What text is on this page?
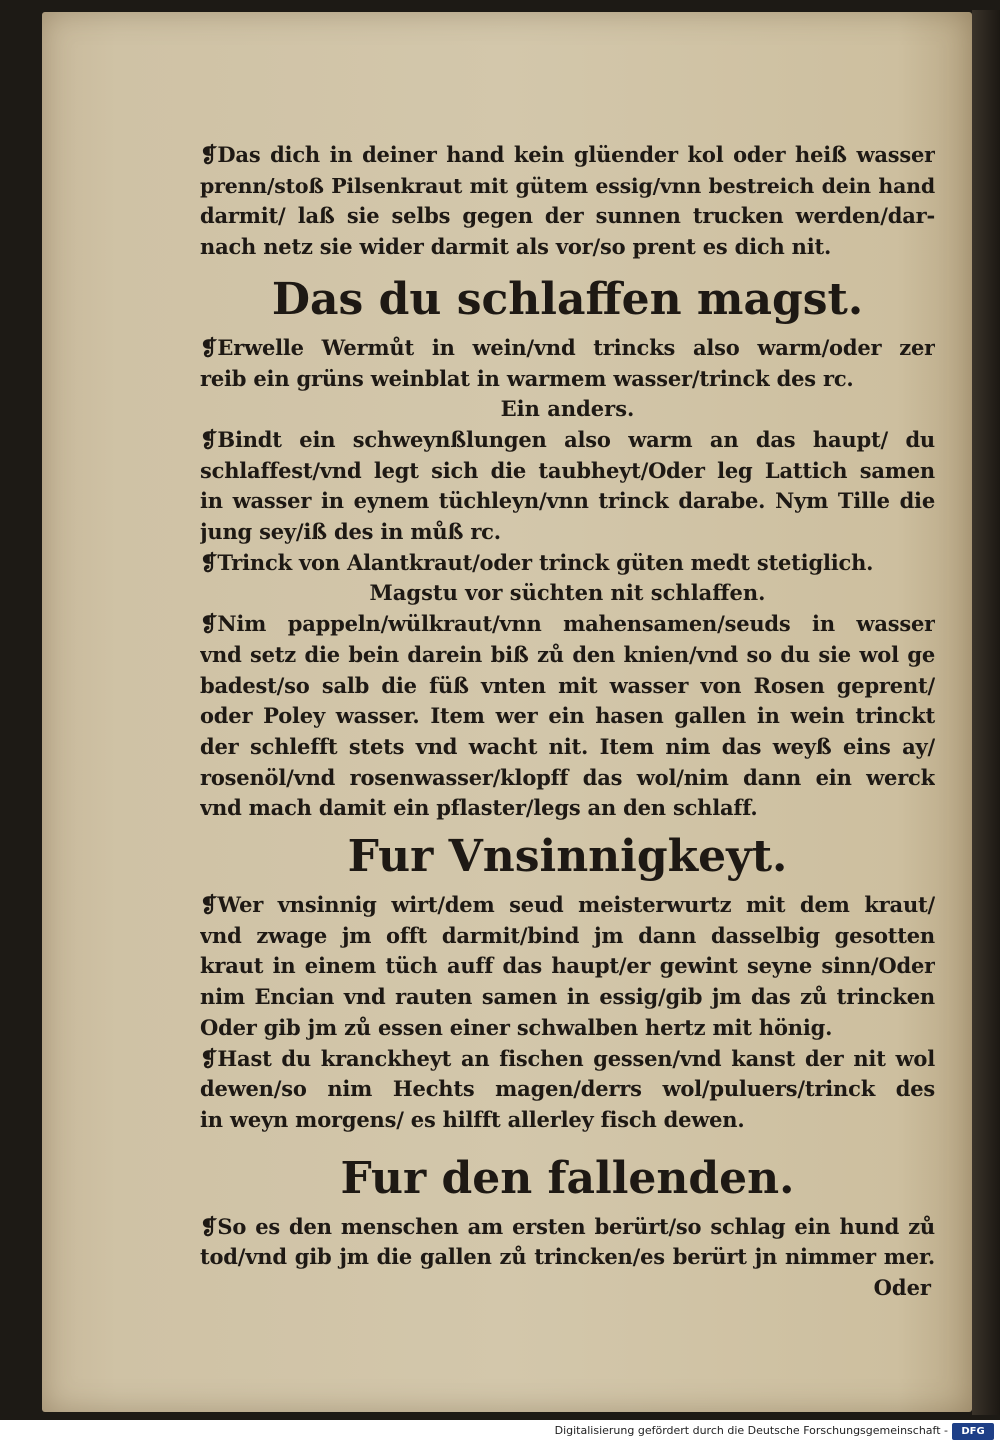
❡Das dich in deiner hand kein glüender kol oder heiß wasser
prenn/stoß Pilsenkraut mit gütem essig/vnn bestreich dein hand
darmit/ laß sie selbs gegen der sunnen trucken werden/dar-
nach netz sie wider darmit als vor/so prent es dich nit.
Das du schlaffen magst.
❡Erwelle Wermůt in wein/vnd trincks also warm/oder zer
reib ein grüns weinblat in warmem wasser/trinck des rc.
Ein anders.
❡Bindt ein schweynßlungen also warm an das haupt/ du
schlaffest/vnd legt sich die taubheyt/Oder leg Lattich samen
in wasser in eynem tüchleyn/vnn trinck darabe. Nym Tille die
jung sey/iß des in můß rc.
❡Trinck von Alantkraut/oder trinck güten medt stetiglich.
Magstu vor süchten nit schlaffen.
❡Nim pappeln/wülkraut/vnn mahensamen/seuds in wasser
vnd setz die bein darein biß zů den knien/vnd so du sie wol ge
badest/so salb die füß vnten mit wasser von Rosen geprent/
oder Poley wasser. Item wer ein hasen gallen in wein trinckt
der schlefft stets vnd wacht nit. Item nim das weyß eins ay/
rosenöl/vnd rosenwasser/klopff das wol/nim dann ein werck
vnd mach damit ein pflaster/legs an den schlaff.
Fur Vnsinnigkeyt.
❡Wer vnsinnig wirt/dem seud meisterwurtz mit dem kraut/
vnd zwage jm offt darmit/bind jm dann dasselbig gesotten
kraut in einem tüch auff das haupt/er gewint seyne sinn/Oder
nim Encian vnd rauten samen in essig/gib jm das zů trincken
Oder gib jm zů essen einer schwalben hertz mit hönig.
❡Hast du kranckheyt an fischen gessen/vnd kanst der nit wol
dewen/so nim Hechts magen/derrs wol/puluers/trinck des
in weyn morgens/ es hilfft allerley fisch dewen.
Fur den fallenden.
❡So es den menschen am ersten berürt/so schlag ein hund zů
tod/vnd gib jm die gallen zů trincken/es berürt jn nimmer mer.
Oder
Digitalisierung gefördert durch die Deutsche Forschungsgemeinschaft -	DFG
